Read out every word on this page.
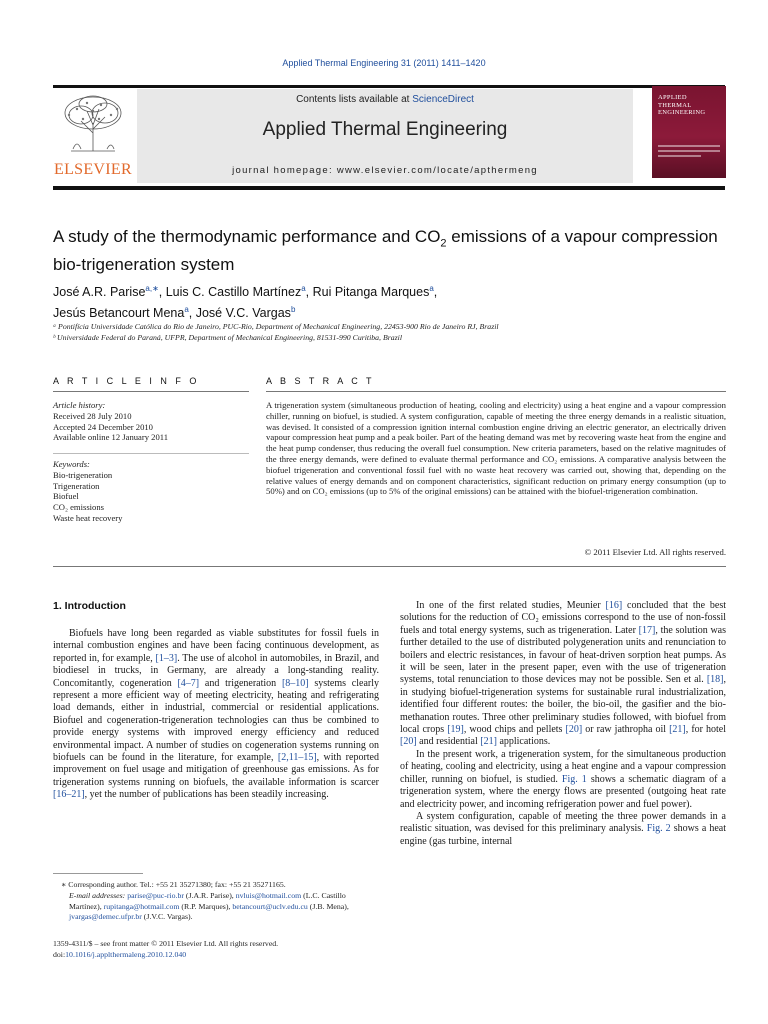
Applied Thermal Engineering 31 (2011) 1411–1420
ELSEVIER
Contents lists available at ScienceDirect
Applied Thermal Engineering
journal homepage: www.elsevier.com/locate/apthermeng
APPLIED THERMAL ENGINEERING
A study of the thermodynamic performance and $CO_2$ emissions of a vapour compression bio-trigeneration system
José A.R. Parise$^{a,∗}$, Luis C. Castillo Martínez$^a$, Rui Pitanga Marques$^a$,
Jesús Betancourt Mena$^a$, José V.C. Vargas$^b$
ᵃ Pontifícia Universidade Católica do Rio de Janeiro, PUC-Rio, Department of Mechanical Engineering, 22453-900 Rio de Janeiro RJ, Brazil
ᵇ Universidade Federal do Paraná, UFPR, Department of Mechanical Engineering, 81531-990 Curitiba, Brazil
A R T I C L E I N F O	A B S T R A C T
Article history:
Received 28 July 2010
Accepted 24 December 2010
Available online 12 January 2011
Keywords:
Bio-trigeneration
Trigeneration
Biofuel
CO₂ emissions
Waste heat recovery
A trigeneration system (simultaneous production of heating, cooling and electricity) using a heat engine and a vapour compression chiller, running on biofuel, is studied. A system configuration, capable of meeting the three energy demands in a realistic situation, was devised. It consisted of a compression ignition internal combustion engine driving an electric generator, an electrically driven vapour compression heat pump and a peak boiler. Part of the heating demand was met by recovering waste heat from the engine and the heat pump condenser, thus reducing the overall fuel consumption. New criteria parameters, based on the relative magnitudes of the three energy demands, were defined to evaluate thermal performance and CO₂ emissions. A comparative analysis between the biofuel trigeneration and conventional fossil fuel with no waste heat recovery was carried out, showing that, depending on the relative values of energy demands and on component characteristics, significant reduction on primary energy consumption (up to 50%) and on CO₂ emissions (up to 5% of the original emissions) can be attained with the biofuel-trigeneration combination.
© 2011 Elsevier Ltd. All rights reserved.
1. Introduction

Biofuels have long been regarded as viable substitutes for fossil fuels in internal combustion engines and have been facing continuous development, as reported in, for example, [1–3]. The use of alcohol in automobiles, in Brazil, and biodiesel in trucks, in Germany, are already a long-standing reality. Concomitantly, cogeneration [4–7] and trigeneration [8–10] systems clearly represent a more efficient way of meeting electricity, heating and refrigerating load demands, either in industrial, commercial or residential applications. Biofuel and cogeneration-trigeneration technologies can thus be combined to provide energy systems with improved energy efficiency and reduced environmental impact. A number of studies on cogeneration systems running on biofuels can be found in the literature, for example, [2,11–15], with reported improvement on fuel usage and mitigation of greenhouse gas emissions. As for trigeneration systems running on biofuels, the available information is scarcer [16–21], yet the number of publications has been steadily increasing.

In one of the first related studies, Meunier [16] concluded that the best solutions for the reduction of CO₂ emissions correspond to the use of non-fossil fuels and total energy systems, such as trigeneration. Later [17], the solution was further detailed to the use of distributed polygeneration units and renunciation to boilers and electric resistances, in favour of heat-driven sorption heat pumps. As it will be seen, later in the present paper, even with the use of trigeneration systems, total renunciation to those devices may not be possible. Sen et al. [18], in studying biofuel-trigeneration systems for sustainable rural industrialization, identified four different routes: the boiler, the bio-oil, the gasifier and the bio-methanation routes. Three other preliminary studies followed, with biofuel from local crops [19], wood chips and pellets [20] or raw jathropha oil [21], for hotel [20] and residential [21] applications.

In the present work, a trigeneration system, for the simultaneous production of heating, cooling and electricity, using a heat engine and a vapour compression chiller, running on biofuel, is studied. Fig. 1 shows a schematic diagram of a trigeneration system, where the energy flows are presented (outgoing heat rate and electricity power, and incoming refrigeration power and fuel power).

A system configuration, capable of meeting the three power demands in a realistic situation, was devised for this preliminary analysis. Fig. 2 shows a heat engine (gas turbine, internal

∗ Corresponding author. Tel.: +55 21 35271380; fax: +55 21 35271165.
E-mail addresses: parise@puc-rio.br (J.A.R. Parise), nvluis@hotmail.com (L.C. Castillo Martínez), rupitanga@hotmail.com (R.P. Marques), betancourt@uclv.edu.cu (J.B. Mena), jvargas@demec.ufpr.br (J.V.C. Vargas).
1359-4311/$ – see front matter © 2011 Elsevier Ltd. All rights reserved.
doi:10.1016/j.applthermaleng.2010.12.040
